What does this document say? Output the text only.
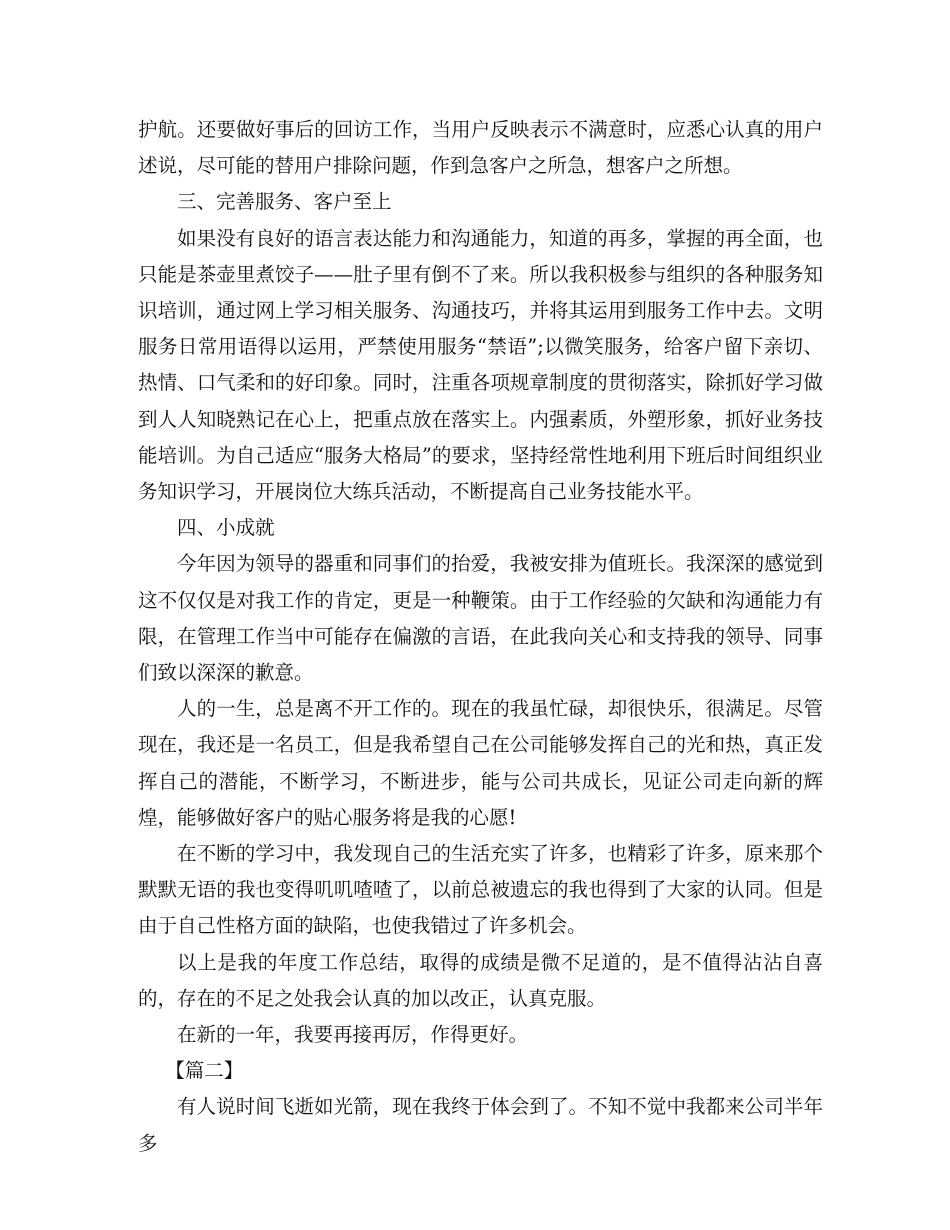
护航。还要做好事后的回访工作，当用户反映表示不满意时，应悉心认真的用户述说，尽可能的替用户排除问题，作到急客户之所急，想客户之所想。

三、完善服务、客户至上

如果没有良好的语言表达能力和沟通能力，知道的再多，掌握的再全面，也只能是茶壶里煮饺子——肚子里有倒不了来。所以我积极参与组织的各种服务知识培训，通过网上学习相关服务、沟通技巧，并将其运用到服务工作中去。文明服务日常用语得以运用，严禁使用服务“禁语”;以微笑服务，给客户留下亲切、热情、口气柔和的好印象。同时，注重各项规章制度的贯彻落实，除抓好学习做到人人知晓熟记在心上，把重点放在落实上。内强素质，外塑形象，抓好业务技能培训。为自己适应“服务大格局”的要求，坚持经常性地利用下班后时间组织业务知识学习，开展岗位大练兵活动，不断提高自己业务技能水平。

四、小成就

今年因为领导的器重和同事们的抬爱，我被安排为值班长。我深深的感觉到这不仅仅是对我工作的肯定，更是一种鞭策。由于工作经验的欠缺和沟通能力有限，在管理工作当中可能存在偏激的言语，在此我向关心和支持我的领导、同事们致以深深的歉意。

人的一生，总是离不开工作的。现在的我虽忙碌，却很快乐，很满足。尽管现在，我还是一名员工，但是我希望自己在公司能够发挥自己的光和热，真正发挥自己的潜能，不断学习，不断进步，能与公司共成长，见证公司走向新的辉煌，能够做好客户的贴心服务将是我的心愿!

在不断的学习中，我发现自己的生活充实了许多，也精彩了许多，原来那个默默无语的我也变得叽叽喳喳了，以前总被遗忘的我也得到了大家的认同。但是由于自己性格方面的缺陷，也使我错过了许多机会。

以上是我的年度工作总结，取得的成绩是微不足道的，是不值得沾沾自喜的，存在的不足之处我会认真的加以改正，认真克服。

在新的一年，我要再接再厉，作得更好。

【篇二】

有人说时间飞逝如光箭，现在我终于体会到了。不知不觉中我都来公司半年多
